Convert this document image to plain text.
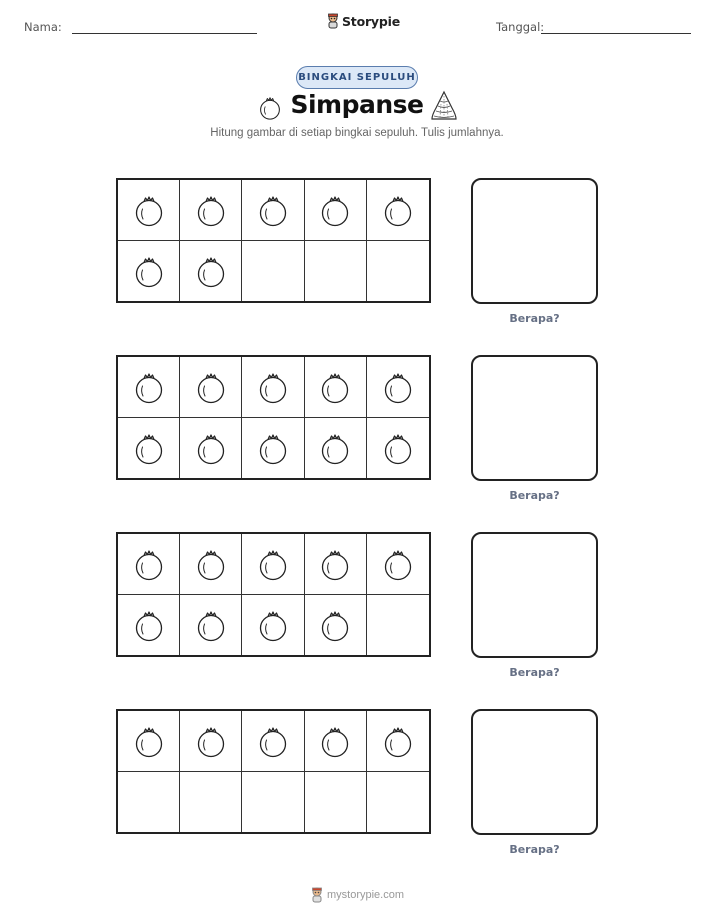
Nama:	Storypie	Tanggal:
BINGKAI SEPULUH
Simpanse
Hitung gambar di setiap bingkai sepuluh. Tulis jumlahnya.
Berapa?
Berapa?
Berapa?
Berapa?
mystorypie.com
